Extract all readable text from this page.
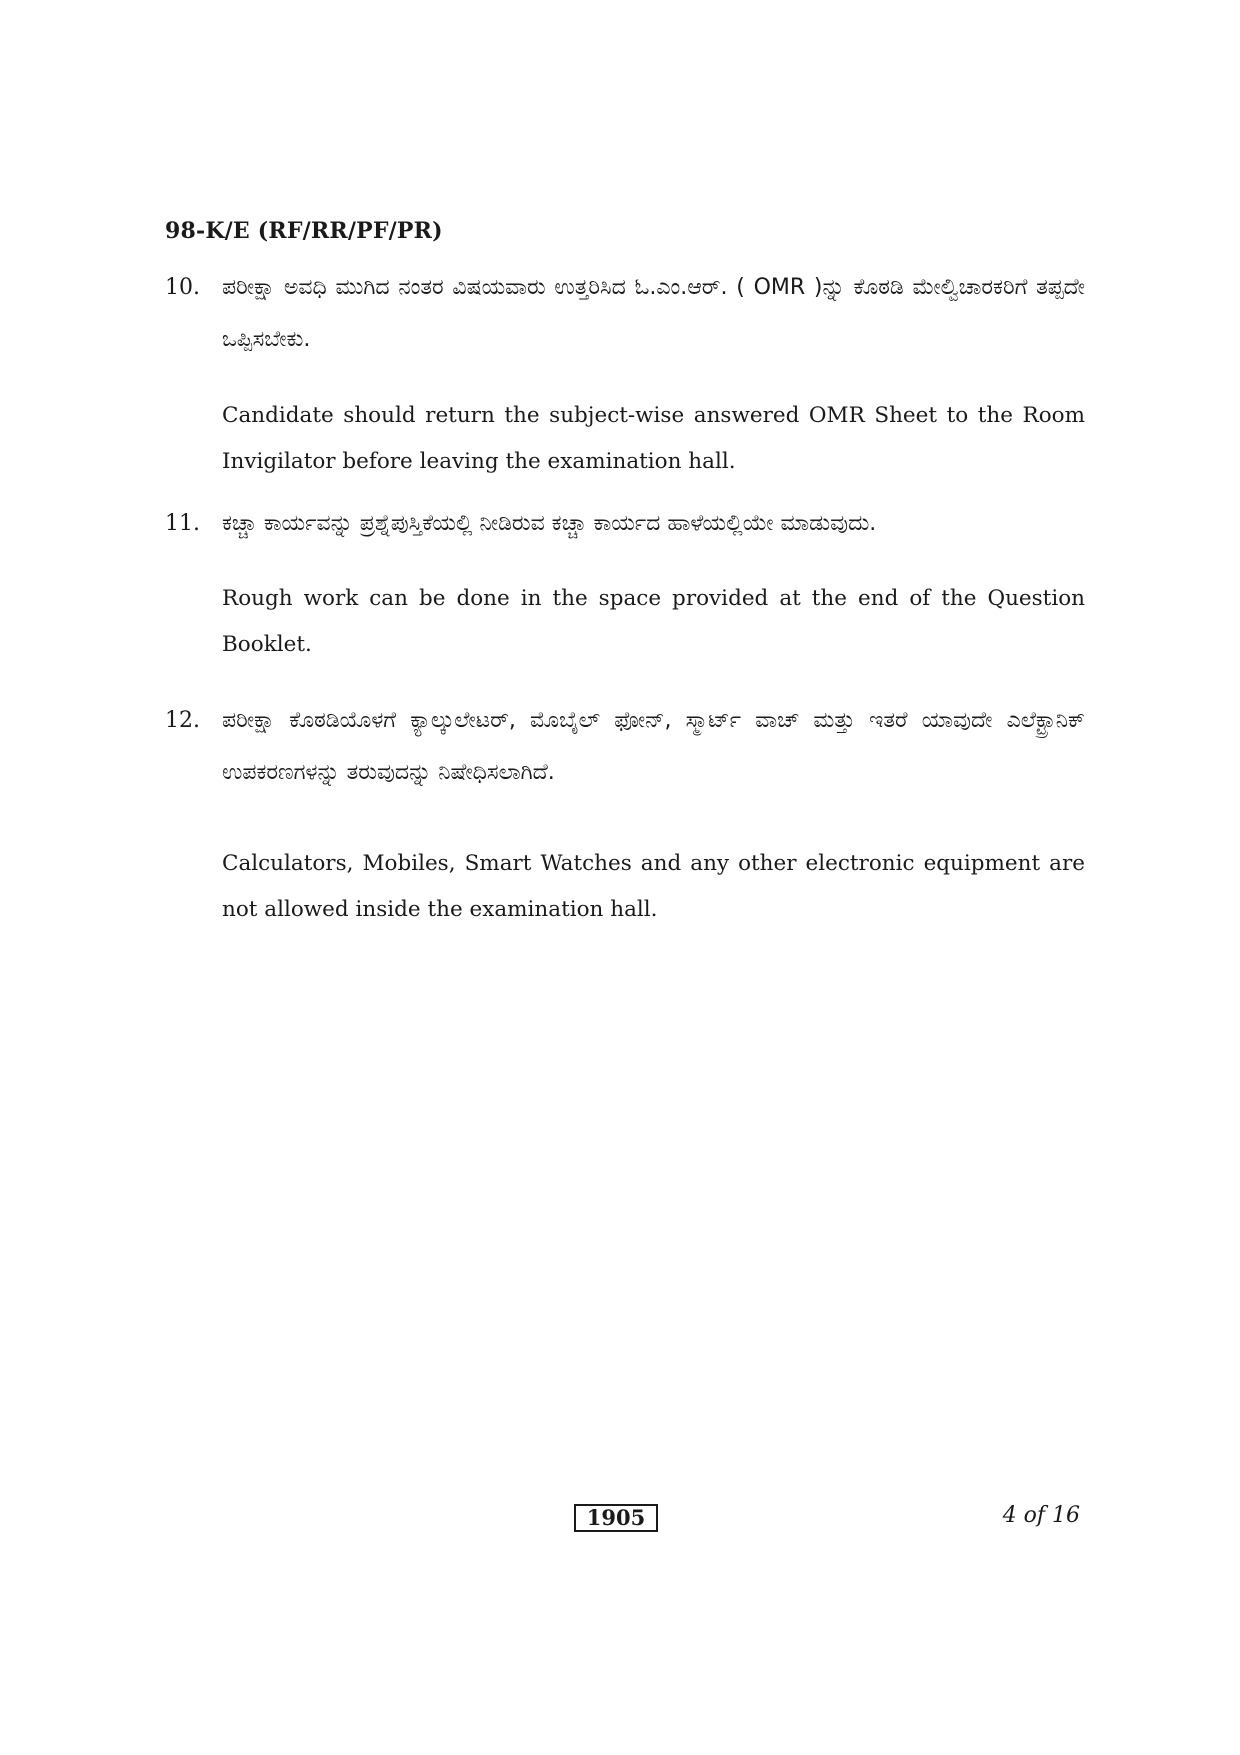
98-K/E (RF/RR/PF/PR)
10. ಪರೀಕ್ಷಾ ಅವಧಿ ಮುಗಿದ ನಂತರ ವಿಷಯವಾರು ಉತ್ತರಿಸಿದ ಓ.ಎಂ.ಆರ್. ( OMR )ನ್ನು ಕೊಠಡಿ ಮೇಲ್ವಿಚಾರಕರಿಗೆ ತಪ್ಪದೇ ಒಪ್ಪಿಸಬೇಕು.

Candidate should return the subject-wise answered OMR Sheet to the Room Invigilator before leaving the examination hall.

11. ಕಚ್ಚಾ ಕಾರ್ಯವನ್ನು ಪ್ರಶ್ನೆಪುಸ್ತಿಕೆಯಲ್ಲಿ ನೀಡಿರುವ ಕಚ್ಚಾ ಕಾರ್ಯದ ಹಾಳೆಯಲ್ಲಿಯೇ ಮಾಡುವುದು.

Rough work can be done in the space provided at the end of the Question Booklet.

12. ಪರೀಕ್ಷಾ ಕೊಠಡಿಯೊಳಗೆ ಕ್ಯಾಲ್ಕುಲೇಟರ್, ಮೊಬೈಲ್ ಫೋನ್, ಸ್ಮಾರ್ಟ್ ವಾಚ್ ಮತ್ತು ಇತರೆ ಯಾವುದೇ ಎಲೆಕ್ಟ್ರಾನಿಕ್ ಉಪಕರಣಗಳನ್ನು ತರುವುದನ್ನು ನಿಷೇಧಿಸಲಾಗಿದೆ.

Calculators, Mobiles, Smart Watches and any other electronic equipment are not allowed inside the examination hall.

1905	4 of 16
